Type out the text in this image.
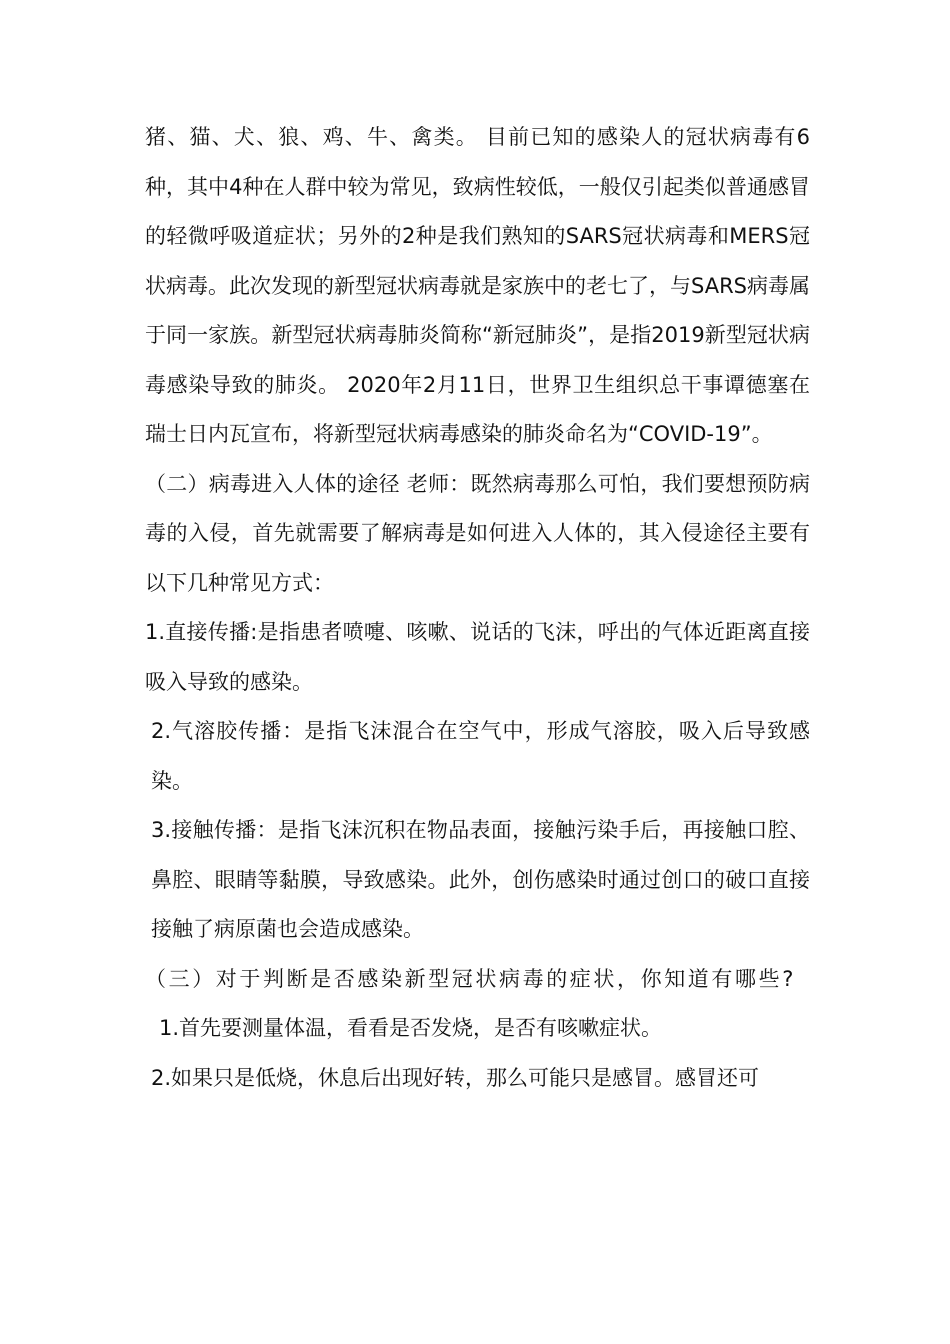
猪、猫、犬、狼、鸡、牛、禽类。 目前已知的感染人的冠状病毒有6种，其中4种在人群中较为常见，致病性较低，一般仅引起类似普通感冒的轻微呼吸道症状；另外的2种是我们熟知的SARS冠状病毒和MERS冠状病毒。此次发现的新型冠状病毒就是家族中的老七了，与SARS病毒属于同一家族。新型冠状病毒肺炎简称“新冠肺炎”，是指2019新型冠状病毒感染导致的肺炎。 2020年2月11日，世界卫生组织总干事谭德塞在瑞士日内瓦宣布，将新型冠状病毒感染的肺炎命名为“COVID-19”。

（二）病毒进入人体的途径 老师：既然病毒那么可怕，我们要想预防病毒的入侵，首先就需要了解病毒是如何进入人体的，其入侵途径主要有以下几种常见方式：

1.直接传播:是指患者喷嚏、咳嗽、说话的飞沫，呼出的气体近距离直接吸入导致的感染。

2.气溶胶传播：是指飞沫混合在空气中，形成气溶胶，吸入后导致感染。

3.接触传播：是指飞沫沉积在物品表面，接触污染手后，再接触口腔、鼻腔、眼睛等黏膜，导致感染。此外，创伤感染时通过创口的破口直接接触了病原菌也会造成感染。

（三）对于判断是否感染新型冠状病毒的症状，你知道有哪些?

1.首先要测量体温，看看是否发烧，是否有咳嗽症状。

2.如果只是低烧，休息后出现好转，那么可能只是感冒。感冒还可
